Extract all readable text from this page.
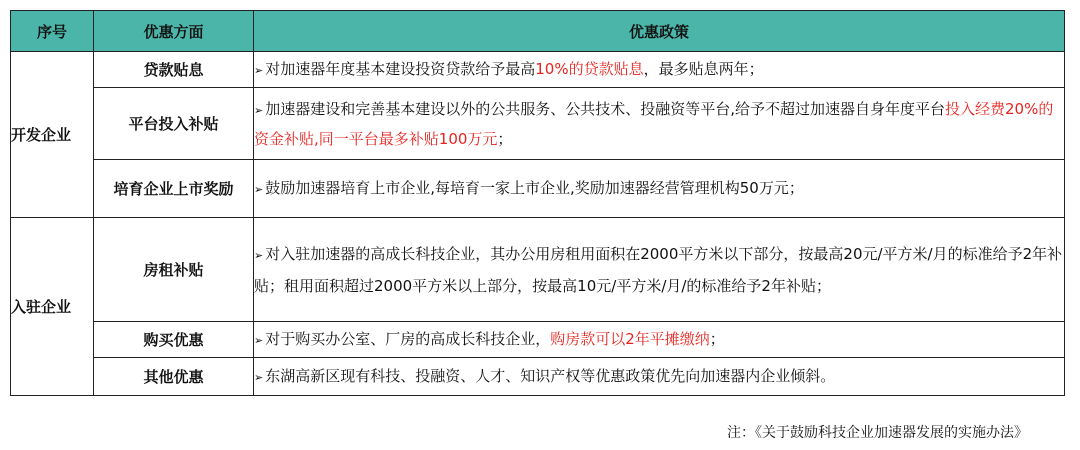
序号	优惠方面	优惠政策
开发企业	贷款贴息	➢ 对加速器年度基本建设投资贷款给予最高10%的贷款贴息，最多贴息两年；
	平台投入补贴	➢ 加速器建设和完善基本建设以外的公共服务、公共技术、投融资等平台,给予不超过加速器自身年度平台投入经费20%的资金补贴,同一平台最多补贴100万元；
	培育企业上市奖励	➢ 鼓励加速器培育上市企业,每培育一家上市企业,奖励加速器经营管理机构50万元；
入驻企业	房租补贴	➢ 对入驻加速器的高成长科技企业，其办公用房租用面积在2000平方米以下部分，按最高20元/平方米/月的标准给予2年补贴；租用面积超过2000平方米以上部分，按最高10元/平方米/月/的标准给予2年补贴；
	购买优惠	➢ 对于购买办公室、厂房的高成长科技企业，购房款可以2年平摊缴纳；
	其他优惠	➢ 东湖高新区现有科技、投融资、人才、知识产权等优惠政策优先向加速器内企业倾斜。
注：《关于鼓励科技企业加速器发展的实施办法》
